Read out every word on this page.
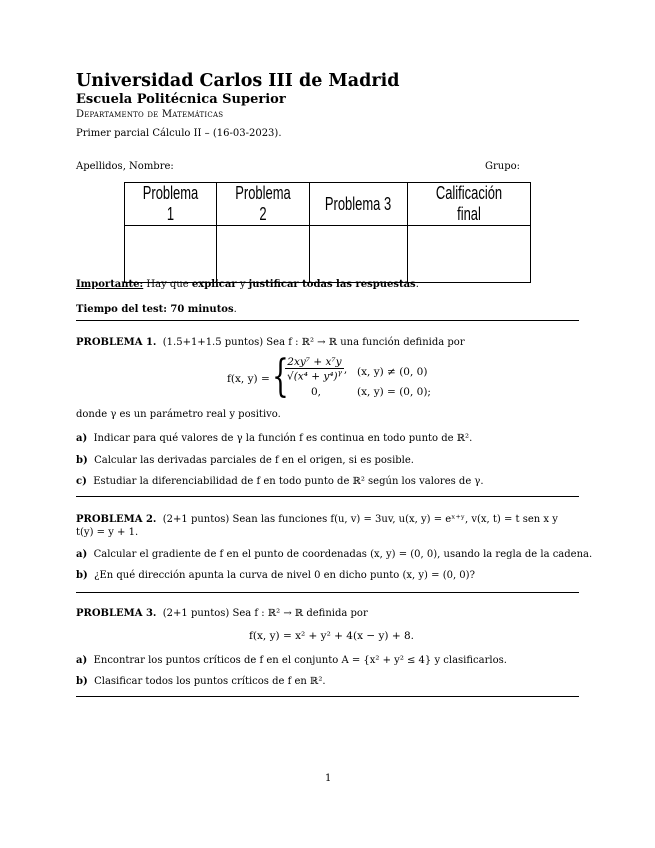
Universidad Carlos III de Madrid
Escuela Politécnica Superior
Departamento de Matemáticas
Primer parcial Cálculo II – (16-03-2023).
Apellidos, Nombre:	Grupo:
Problema 1	Problema 2	Problema 3	Calificación final

Importante: Hay que explicar y justificar todas las respuestas.
Tiempo del test: 70 minutos.
PROBLEMA 1. (1.5+1+1.5 puntos) Sea f : ℝ² → ℝ una función definida por
f(x, y) = {
$\frac{\text{2xy⁷ + x⁷y}}{√(x^4 + y^4)^\gamma}$ , (x, y) ≠ (0, 0)
0,	(x, y) = (0, 0);
donde γ es un parámetro real y positivo.
a) Indicar para qué valores de γ la función f es continua en todo punto de ℝ².
b) Calcular las derivadas parciales de f en el origen, si es posible.
c) Estudiar la diferenciabilidad de f en todo punto de ℝ² según los valores de γ.
PROBLEMA 2. (2+1 puntos) Sean las funciones f(u, v) = 3uv, u(x, y) = eˣ⁺ʸ, v(x, t) = t sen x y
t(y) = y + 1.
a) Calcular el gradiente de f en el punto de coordenadas (x, y) = (0, 0), usando la regla de la cadena.
b) ¿En qué dirección apunta la curva de nivel 0 en dicho punto (x, y) = (0, 0)?
PROBLEMA 3. (2+1 puntos) Sea f : ℝ² → ℝ definida por
f(x, y) = x² + y² + 4(x − y) + 8.
a) Encontrar los puntos críticos de f en el conjunto A = {x² + y² ≤ 4} y clasificarlos.
b) Clasificar todos los puntos críticos de f en ℝ².
1
